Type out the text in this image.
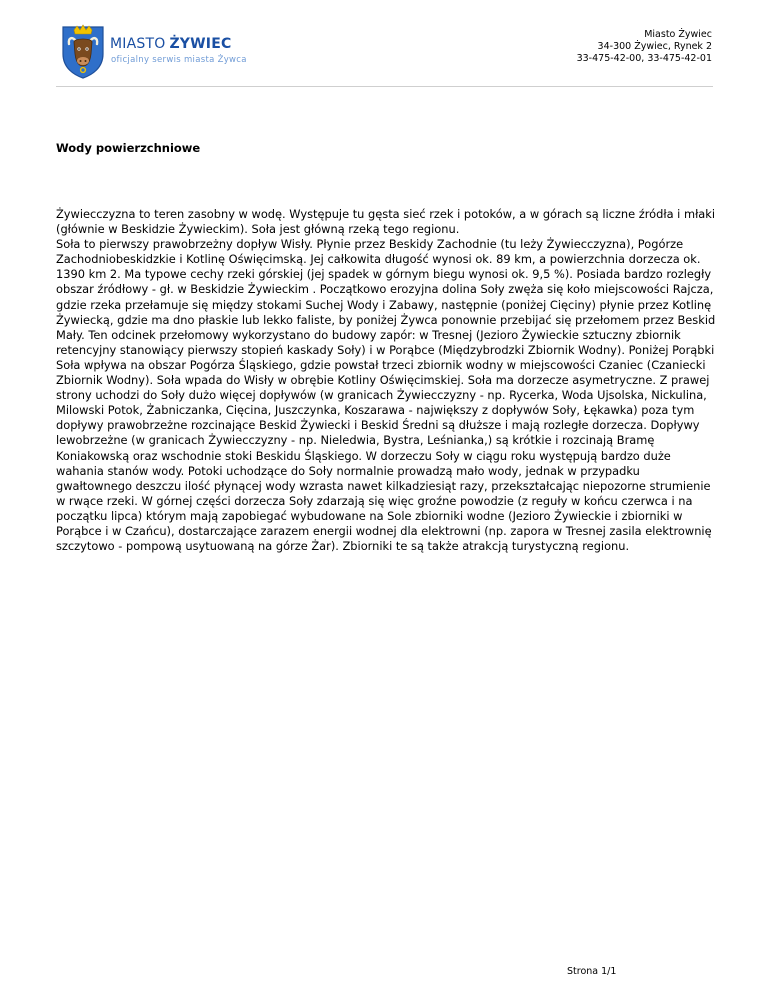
MIASTO ŻYWIEC
oficjalny serwis miasta Żywca
Miasto Żywiec
34-300 Żywiec, Rynek 2
33-475-42-00, 33-475-42-01
Wody powierzchniowe

Żywiecczyzna to teren zasobny w wodę. Występuje tu gęsta sieć rzek i potoków, a w górach są liczne źródła i młaki (głównie w Beskidzie Żywieckim). Soła jest główną rzeką tego regionu.

Soła to pierwszy prawobrzeżny dopływ Wisły. Płynie przez Beskidy Zachodnie (tu leży Żywiecczyzna), Pogórze Zachodniobeskidzkie i Kotlinę Oświęcimską. Jej całkowita długość wynosi ok. 89 km, a powierzchnia dorzecza ok. 1390 km 2. Ma typowe cechy rzeki górskiej (jej spadek w górnym biegu wynosi ok. 9,5 %). Posiada bardzo rozległy obszar źródłowy - gł. w Beskidzie Żywieckim . Początkowo erozyjna dolina Soły zwęża się koło miejscowości Rajcza, gdzie rzeka przełamuje się między stokami Suchej Wody i Zabawy, następnie (poniżej Cięciny) płynie przez Kotlinę Żywiecką, gdzie ma dno płaskie lub lekko faliste, by poniżej Żywca ponownie przebijać się przełomem przez Beskid Mały. Ten odcinek przełomowy wykorzystano do budowy zapór: w Tresnej (Jezioro Żywieckie sztuczny zbiornik retencyjny stanowiący pierwszy stopień kaskady Soły) i w Porąbce (Międzybrodzki Zbiornik Wodny). Poniżej Porąbki Soła wpływa na obszar Pogórza Śląskiego, gdzie powstał trzeci zbiornik wodny w miejscowości Czaniec (Czaniecki Zbiornik Wodny). Soła wpada do Wisły w obrębie Kotliny Oświęcimskiej. Soła ma dorzecze asymetryczne. Z prawej strony uchodzi do Soły dużo więcej dopływów (w granicach Żywiecczyzny - np. Rycerka, Woda Ujsolska, Nickulina, Milowski Potok, Żabniczanka, Cięcina, Juszczynka, Koszarawa - największy z dopływów Soły, Łękawka) poza tym dopływy prawobrzeżne rozcinające Beskid Żywiecki i Beskid Średni są dłuższe i mają rozległe dorzecza. Dopływy lewobrzeżne (w granicach Żywiecczyzny - np. Nieledwia, Bystra, Leśnianka,) są krótkie i rozcinają Bramę Koniakowską oraz wschodnie stoki Beskidu Śląskiego. W dorzeczu Soły w ciągu roku występują bardzo duże wahania stanów wody. Potoki uchodzące do Soły normalnie prowadzą mało wody, jednak w przypadku gwałtownego deszczu ilość płynącej wody wzrasta nawet kilkadziesiąt razy, przekształcając niepozorne strumienie w rwące rzeki. W górnej części dorzecza Soły zdarzają się więc groźne powodzie (z reguły w końcu czerwca i na początku lipca) którym mają zapobiegać wybudowane na Sole zbiorniki wodne (Jezioro Żywieckie i zbiorniki w Porąbce i w Czańcu), dostarczające zarazem energii wodnej dla elektrowni (np. zapora w Tresnej zasila elektrownię szczytowo - pompową usytuowaną na górze Żar). Zbiorniki te są także atrakcją turystyczną regionu.

Strona 1/1
